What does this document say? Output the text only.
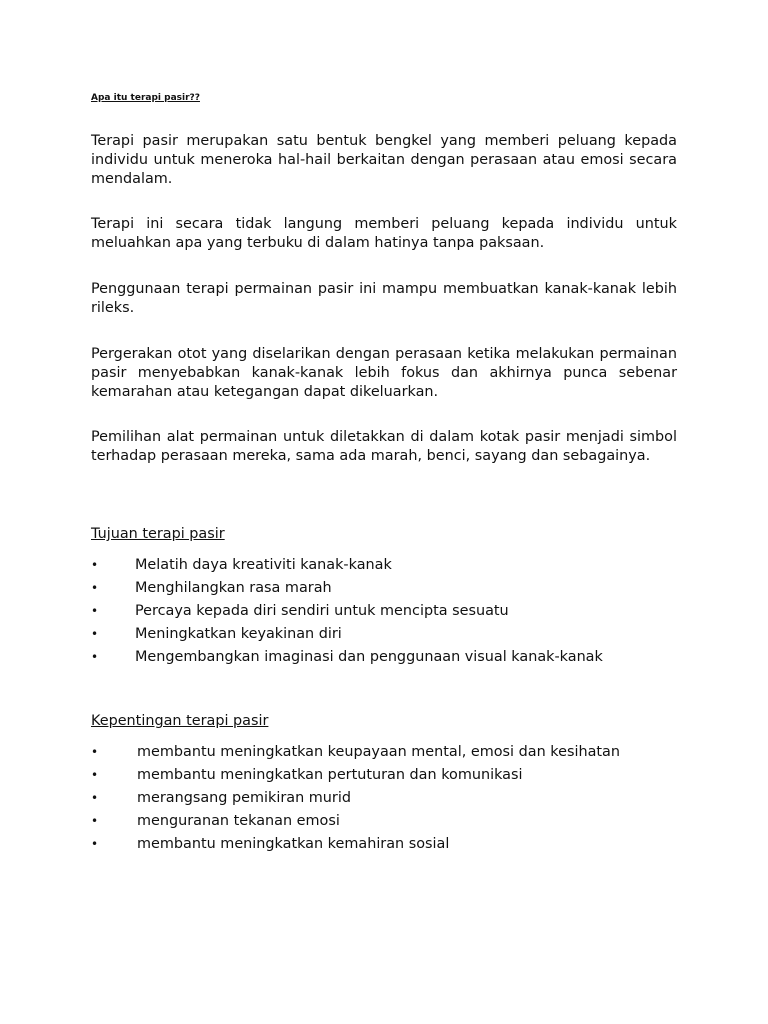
Apa itu terapi pasir??

Terapi pasir merupakan satu bentuk bengkel yang memberi peluang kepada individu untuk meneroka hal-hail berkaitan dengan perasaan atau emosi secara mendalam.

Terapi ini secara tidak langung memberi peluang kepada individu untuk meluahkan apa yang terbuku di dalam hatinya tanpa paksaan.

Penggunaan terapi permainan pasir ini mampu membuatkan kanak-kanak lebih rileks.

Pergerakan otot yang diselarikan dengan perasaan ketika melakukan permainan pasir menyebabkan kanak-kanak lebih fokus dan akhirnya punca sebenar kemarahan atau ketegangan dapat dikeluarkan.

Pemilihan alat permainan untuk diletakkan di dalam kotak pasir menjadi simbol terhadap perasaan mereka, sama ada marah, benci, sayang dan sebagainya.

Tujuan terapi pasir
•	Melatih daya kreativiti kanak-kanak
•	Menghilangkan rasa marah
•	Percaya kepada diri sendiri untuk mencipta sesuatu
•	Meningkatkan keyakinan diri
•	Mengembangkan imaginasi dan penggunaan visual kanak-kanak
Kepentingan terapi pasir
•	membantu meningkatkan keupayaan mental, emosi dan kesihatan
•	membantu meningkatkan pertuturan dan komunikasi
•	merangsang pemikiran murid
•	menguranan tekanan emosi
•	membantu meningkatkan kemahiran sosial
